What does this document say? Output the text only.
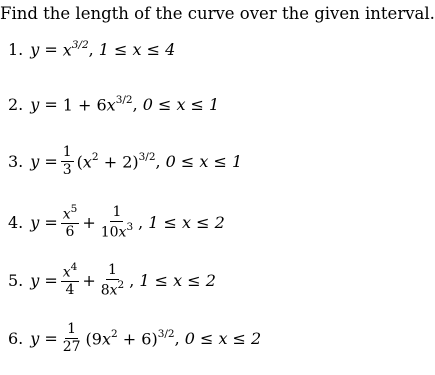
Find the length of the curve over the given interval.
1. $y = x^{3/2}$ , 1 ≤ x ≤ 4
2. $y = 1 + 6x^{3/2}$ , 0 ≤ x ≤ 1
3. $y = \frac{1}{3} (x^2 + 2)^{3/2}$ , 0 ≤ x ≤ 1
4. $y = \frac{x^5}{6} + \frac{1}{10x^3}$ , 1 ≤ x ≤ 2
5. $y = \frac{x^4}{4} + \frac{1}{8x^2}$ , 1 ≤ x ≤ 2
6. $y = \frac{1}{27} (9x^2 + 6)^{3/2}$ , 0 ≤ x ≤ 2
